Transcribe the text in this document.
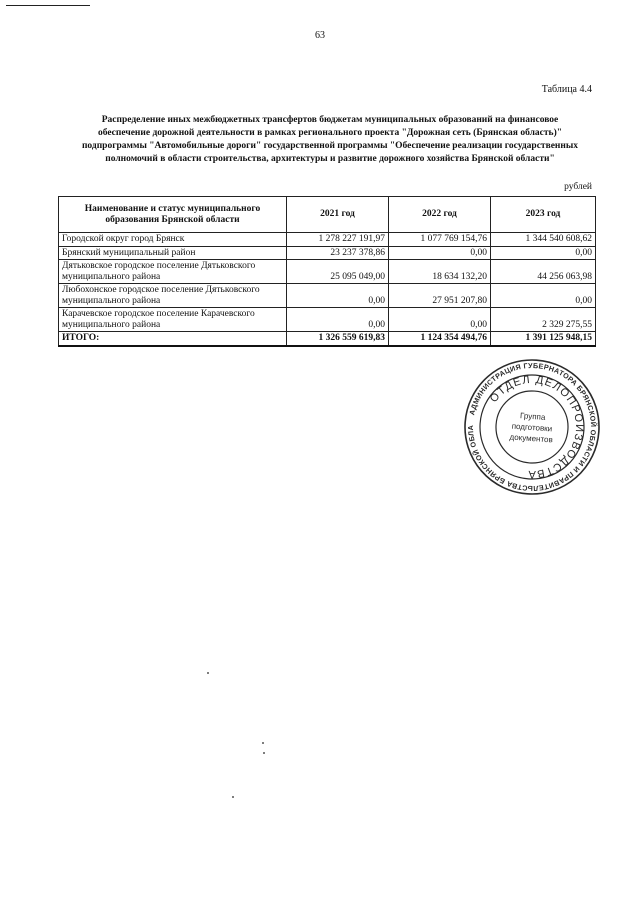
63
Таблица 4.4
Распределение иных межбюджетных трансфертов бюджетам муниципальных образований на финансовое
обеспечение дорожной деятельности в рамках регионального проекта "Дорожная сеть (Брянская область)"
подпрограммы "Автомобильные дороги" государственной программы "Обеспечение реализации государственных
полномочий в области строительства, архитектуры и развитие дорожного хозяйства Брянской области"
рублей
Наименование и статус муниципального образования Брянской области	2021 год	2022 год	2023 год
Городской округ город Брянск	1 278 227 191,97	1 077 769 154,76	1 344 540 608,62
Брянский муниципальный район	23 237 378,86	0,00	0,00
Дятьковское городское поселение Дятьковского муниципального района	25 095 049,00	18 634 132,20	44 256 063,98
Любохонское городское поселение Дятьковского муниципального района	0,00	27 951 207,80	0,00
Карачевское городское поселение Карачевского муниципального района	0,00	0,00	2 329 275,55
ИТОГО:	1 326 559 619,83	1 124 354 494,76	1 391 125 948,15
АДМИНИСТРАЦИЯ ГУБЕРНАТОРА БРЯНСКОЙ ОБЛАСТИ И ПРАВИТЕЛЬСТВА БРЯНСКОЙ ОБЛАСТИ
ОТДЕЛ ДЕЛОПРОИЗВОДСТВА
Группа
подготовки
документов
